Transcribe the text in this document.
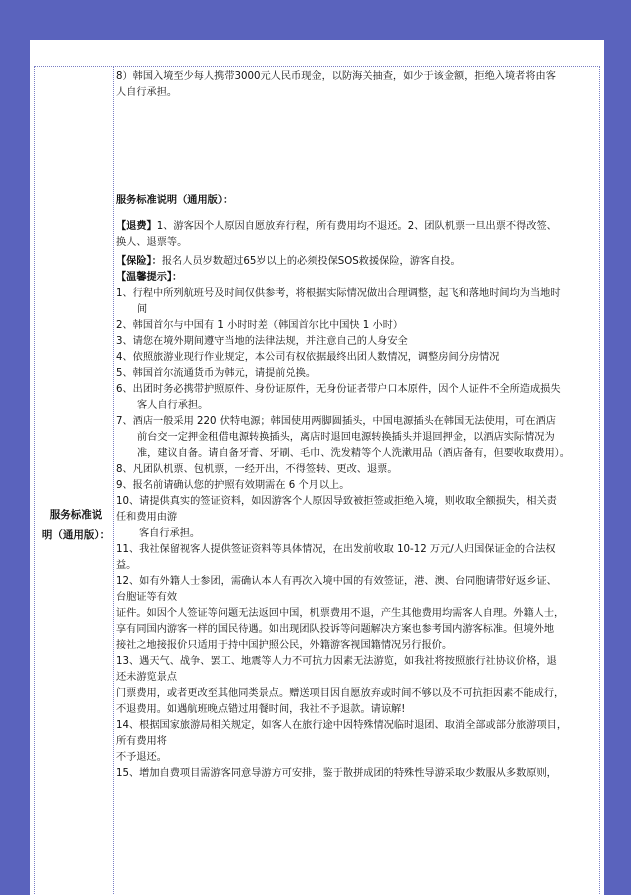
服务标准说
明（通用版）：

8）韩国入境至少每人携带3000元人民币现金，以防海关抽查，如少于该金额，拒绝入境者将由客

人自行承担。

服务标准说明（通用版）：

【退费】1、游客因个人原因自愿放弃行程，所有费用均不退还。2、团队机票一旦出票不得改签、

换人、退票等。

【保险】：报名人员岁数超过65岁以上的必须投保SOS救援保险，游客自投。

【温馨提示】：

1、行程中所列航班号及时间仅供参考，将根据实际情况做出合理调整，起飞和落地时间均为当地时

间

2、韩国首尔与中国有 1 小时时差（韩国首尔比中国快 1 小时）

3、请您在境外期间遵守当地的法律法规，并注意自己的人身安全

4、依照旅游业现行作业规定，本公司有权依据最终出团人数情况，调整房间分房情况

5、韩国首尔流通货币为韩元，请提前兑换。

6、出团时务必携带护照原件、身份证原件，无身份证者带户口本原件，因个人证件不全所造成损失

客人自行承担。

7、酒店一般采用 220 伏特电源；韩国使用两脚圆插头，中国电源插头在韩国无法使用，可在酒店

前台交一定押金租借电源转换插头，离店时退回电源转换插头并退回押金，以酒店实际情况为

准，建议自备。请自备牙膏、牙刷、毛巾、洗发精等个人洗漱用品（酒店备有，但要收取费用）。

8、凡团队机票、包机票，一经开出，不得签转、更改、退票。

9、报名前请确认您的护照有效期需在 6 个月以上。

10、请提供真实的签证资料，如因游客个人原因导致被拒签或拒绝入境，则收取全额损失，相关责

任和费用由游

客自行承担。

11、我社保留视客人提供签证资料等具体情况，在出发前收取 10-12 万元/人归国保证金的合法权

益。

12、如有外籍人士参团，需确认本人有再次入境中国的有效签证，港、澳、台同胞请带好返乡证、

台胞证等有效

证件。如因个人签证等问题无法返回中国，机票费用不退，产生其他费用均需客人自理。外籍人士，

享有同国内游客一样的国民待遇。如出现团队投诉等问题解决方案也参考国内游客标准。但境外地

接社之地接报价只适用于持中国护照公民，外籍游客视国籍情况另行报价。

13、遇天气、战争、罢工、地震等人力不可抗力因素无法游览，如我社将按照旅行社协议价格，退

还未游览景点

门票费用，或者更改至其他同类景点。赠送项目因自愿放弃或时间不够以及不可抗拒因素不能成行，

不退费用。如遇航班晚点错过用餐时间，我社不予退款。请谅解!

14、根据国家旅游局相关规定，如客人在旅行途中因特殊情况临时退团、取消全部或部分旅游项目，

所有费用将

不予退还。

15、增加自费项目需游客同意导游方可安排，鉴于散拼成团的特殊性导游采取少数服从多数原则，
